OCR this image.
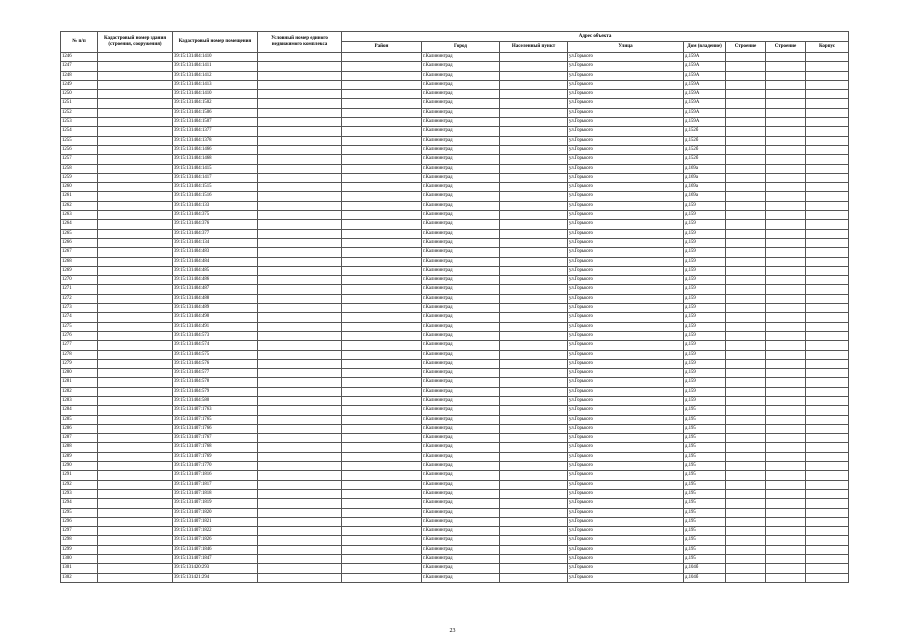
№ п/п	Кадастровый номер здания (строения, сооружения)	Кадастровый номер помещения	Условный номер единого недвижимого комплекса	Адрес объекта							
				Район	Город	Населенный пункт	Улица	Дом (владение)	Строение	Строение	Корпус
1246		39:15:131404:1410			г.Калининград		ул.Горького	д.159А			
1247		39:15:131404:1411			г.Калининград		ул.Горького	д.159А			
1248		39:15:131404:1412			г.Калининград		ул.Горького	д.159А			
1249		39:15:131404:1413			г.Калининград		ул.Горького	д.159А			
1250		39:15:131404:1410			г.Калининград		ул.Горького	д.159А			
1251		39:15:131404:1502			г.Калининград		ул.Горького	д.159А			
1252		39:15:131404:1506			г.Калининград		ул.Горького	д.159А			
1253		39:15:131404:1507			г.Калининград		ул.Горького	д.159А			
1254		39:15:131404:1377			г.Калининград		ул.Горького	д.152б			
1255		39:15:131404:1378			г.Калининград		ул.Горького	д.152б			
1256		39:15:131404:1466			г.Калининград		ул.Горького	д.152б			
1257		39:15:131404:1468			г.Калининград		ул.Горького	д.152б			
1258		39:15:131404:1415			г.Калининград		ул.Горького	д.169а			
1259		39:15:131404:1417			г.Калининград		ул.Горького	д.169а			
1260		39:15:131404:1515			г.Калининград		ул.Горького	д.169а			
1261		39:15:131404:1516			г.Калининград		ул.Горького	д.169а			
1262		39:15:131404:133			г.Калининград		ул.Горького	д.159			
1263		39:15:131404:375			г.Калининград		ул.Горького	д.159			
1264		39:15:131404:376			г.Калининград		ул.Горького	д.159			
1265		39:15:131404:377			г.Калининград		ул.Горького	д.159			
1266		39:15:131404:134			г.Калининград		ул.Горького	д.159			
1267		39:15:131404:483			г.Калининград		ул.Горького	д.159			
1268		39:15:131404:484			г.Калининград		ул.Горького	д.159			
1269		39:15:131404:485			г.Калининград		ул.Горького	д.159			
1270		39:15:131404:486			г.Калининград		ул.Горького	д.159			
1271		39:15:131404:487			г.Калининград		ул.Горького	д.159			
1272		39:15:131404:488			г.Калининград		ул.Горького	д.159			
1273		39:15:131404:489			г.Калининград		ул.Горького	д.159			
1274		39:15:131404:490			г.Калининград		ул.Горького	д.159			
1275		39:15:131404:491			г.Калининград		ул.Горького	д.159			
1276		39:15:131404:573			г.Калининград		ул.Горького	д.159			
1277		39:15:131404:574			г.Калининград		ул.Горького	д.159			
1278		39:15:131404:575			г.Калининград		ул.Горького	д.159			
1279		39:15:131404:576			г.Калининград		ул.Горького	д.159			
1280		39:15:131404:577			г.Калининград		ул.Горького	д.159			
1281		39:15:131404:578			г.Калининград		ул.Горького	д.159			
1282		39:15:131404:579			г.Калининград		ул.Горького	д.159			
1283		39:15:131404:580			г.Калининград		ул.Горького	д.159			
1284		39:15:131407:1763			г.Калининград		ул.Горького	д.195			
1285		39:15:131407:1765			г.Калининград		ул.Горького	д.195			
1286		39:15:131407:1766			г.Калининград		ул.Горького	д.195			
1287		39:15:131407:1767			г.Калининград		ул.Горького	д.195			
1288		39:15:131407:1768			г.Калининград		ул.Горького	д.195			
1289		39:15:131407:1769			г.Калининград		ул.Горького	д.195			
1290		39:15:131407:1770			г.Калининград		ул.Горького	д.195			
1291		39:15:131407:1816			г.Калининград		ул.Горького	д.195			
1292		39:15:131407:1817			г.Калининград		ул.Горького	д.195			
1293		39:15:131407:1818			г.Калининград		ул.Горького	д.195			
1294		39:15:131407:1819			г.Калининград		ул.Горького	д.195			
1295		39:15:131407:1820			г.Калининград		ул.Горького	д.195			
1296		39:15:131407:1821			г.Калининград		ул.Горького	д.195			
1297		39:15:131407:1822			г.Калининград		ул.Горького	д.195			
1298		39:15:131407:1826			г.Калининград		ул.Горького	д.195			
1299		39:15:131407:1846			г.Калининград		ул.Горького	д.195			
1300		39:15:131407:1847			г.Калининград		ул.Горького	д.195			
1301		39:15:131420:293			г.Калининград		ул.Горького	д.104б			
1302		39:15:131421:294			г.Калининград		ул.Горького	д.104б			
23
